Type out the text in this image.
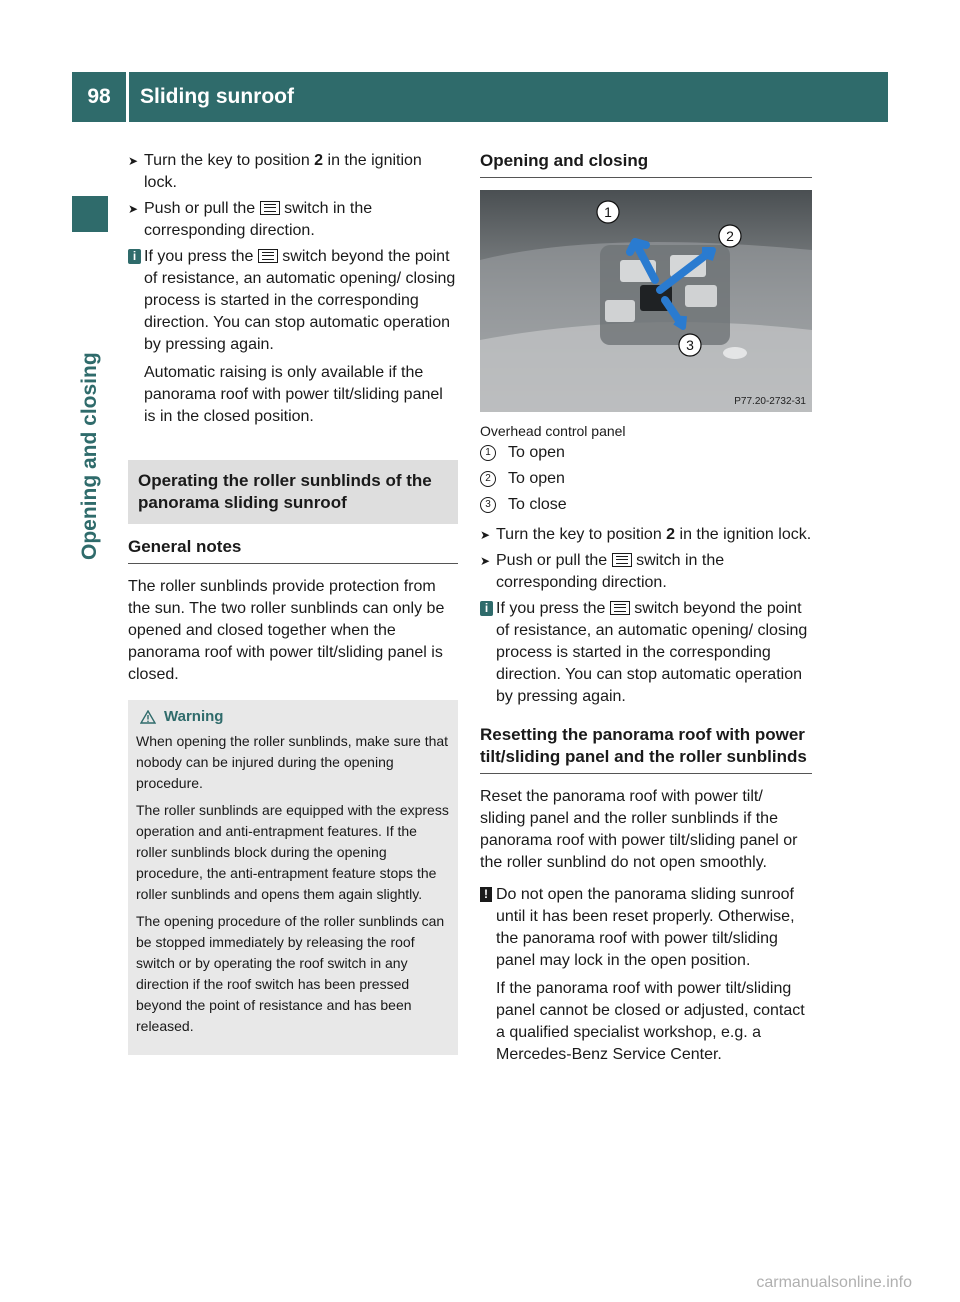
98	Sliding sunroof
Opening and closing
➤ Turn the key to position 2 in the ignition lock.
➤ Push or pull the  switch in the corresponding direction.
i If you press the  switch beyond the point of resistance, an automatic opening/ closing process is started in the corresponding direction. You can stop automatic operation by pressing again.

Automatic raising is only available if the panorama roof with power tilt/sliding panel is in the closed position.

Operating the roller sunblinds of the panorama sliding sunroof
General notes
The roller sunblinds provide protection from the sun. The two roller sunblinds can only be opened and closed together when the panorama roof with power tilt/sliding panel is closed.
Warning

When opening the roller sunblinds, make sure that nobody can be injured during the opening procedure.

The roller sunblinds are equipped with the express operation and anti-entrapment features. If the roller sunblinds block during the opening procedure, the anti-entrapment feature stops the roller sunblinds and opens them again slightly.

The opening procedure of the roller sunblinds can be stopped immediately by releasing the roof switch or by operating the roof switch in any direction if the roof switch has been pressed beyond the point of resistance and has been released.

Opening and closing
1
2
3
P77.20-2732-31
Overhead control panel
1	To open
2	To open
3	To close
➤ Turn the key to position 2 in the ignition lock.
➤ Push or pull the  switch in the corresponding direction.
i If you press the  switch beyond the point of resistance, an automatic opening/ closing process is started in the corresponding direction. You can stop automatic operation by pressing again.

Resetting the panorama roof with power tilt/sliding panel and the roller sunblinds
Reset the panorama roof with power tilt/ sliding panel and the roller sunblinds if the panorama roof with power tilt/sliding panel or the roller sunblind do not open smoothly.
! Do not open the panorama sliding sunroof until it has been reset properly. Otherwise, the panorama roof with power tilt/sliding panel may lock in the open position.

If the panorama roof with power tilt/sliding panel cannot be closed or adjusted, contact a qualified specialist workshop, e.g. a Mercedes-Benz Service Center.

carmanualsonline.info
